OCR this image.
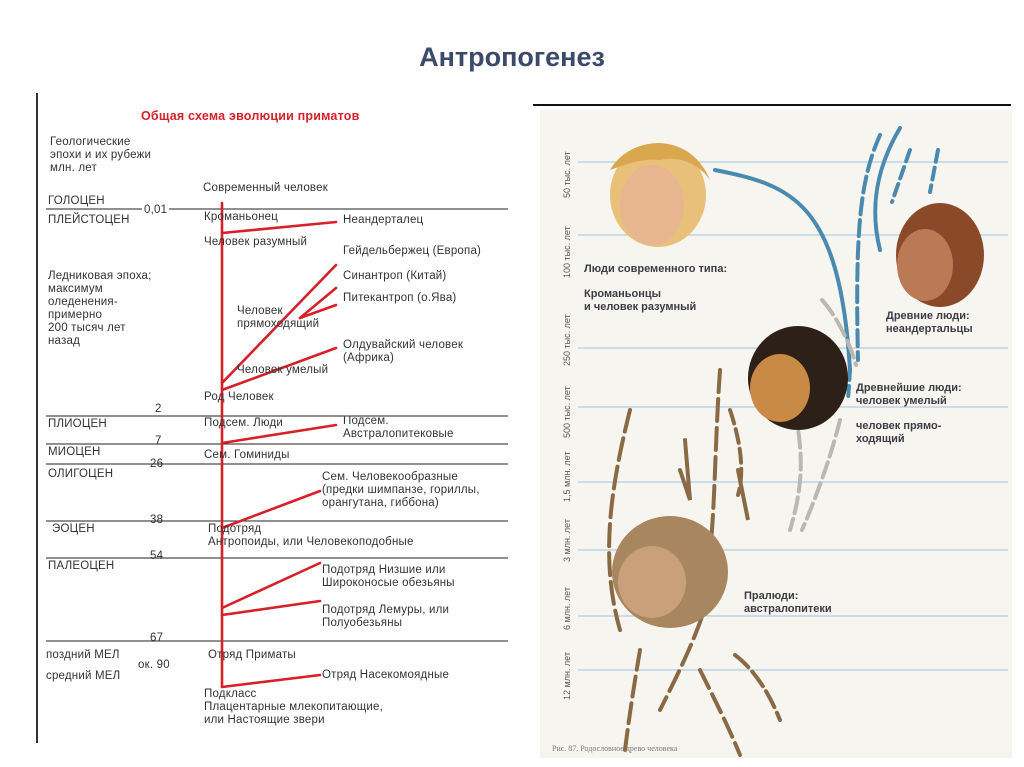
Антропогенез
Общая схема эволюции приматов
Геологические
эпохи и их рубежи
млн. лет
ГОЛОЦЕН
ПЛЕЙСТОЦЕН
Ледниковая эпоха;
максимум
оледенения-
примерно
200 тысяч лет
назад
ПЛИОЦЕН
МИОЦЕН
ОЛИГОЦЕН
ЭОЦЕН
ПАЛЕОЦЕН
поздний МЕЛ
средний МЕЛ
0,01
2
7
26
38
54
67
ок. 90
Современный человек
Кроманьонец	Неандерталец
Человек разумный
Гейдельбержец (Европа)
Синантроп (Китай)
Питекантроп (о.Ява)
Человек
прямоходящий
Олдувайский человек
(Африка)
Человек умелый
Род Человек
Подсем. Люди	Подсем.
Австралопитековые
Сем. Гоминиды
Сем. Человекообразные
(предки шимпанзе, гориллы,
орангутана, гиббона)
Подотряд
Антропоиды, или Человекоподобные
Подотряд Низшие или
Широконосые обезьяны
Подотряд Лемуры, или
Полуобезьяны
Отряд Приматы
Отряд Насекомоядные
Подкласс
Плацентарные млекопитающие,
или Настоящие звери
50 тыс. лет
100 тыс. лет
250 тыс. лет
500 тыс. лет
1,5 млн. лет
3 млн. лет
6 млн. лет
12 млн. лет
Люди современного типа:
Кроманьонцы
и человек разумный
Древние люди:
неандертальцы
Древнейшие люди:
человек умелый
человек прямо-
ходящий
Пралюди:
австралопитеки
Рис. 87. Родословное древо человека
